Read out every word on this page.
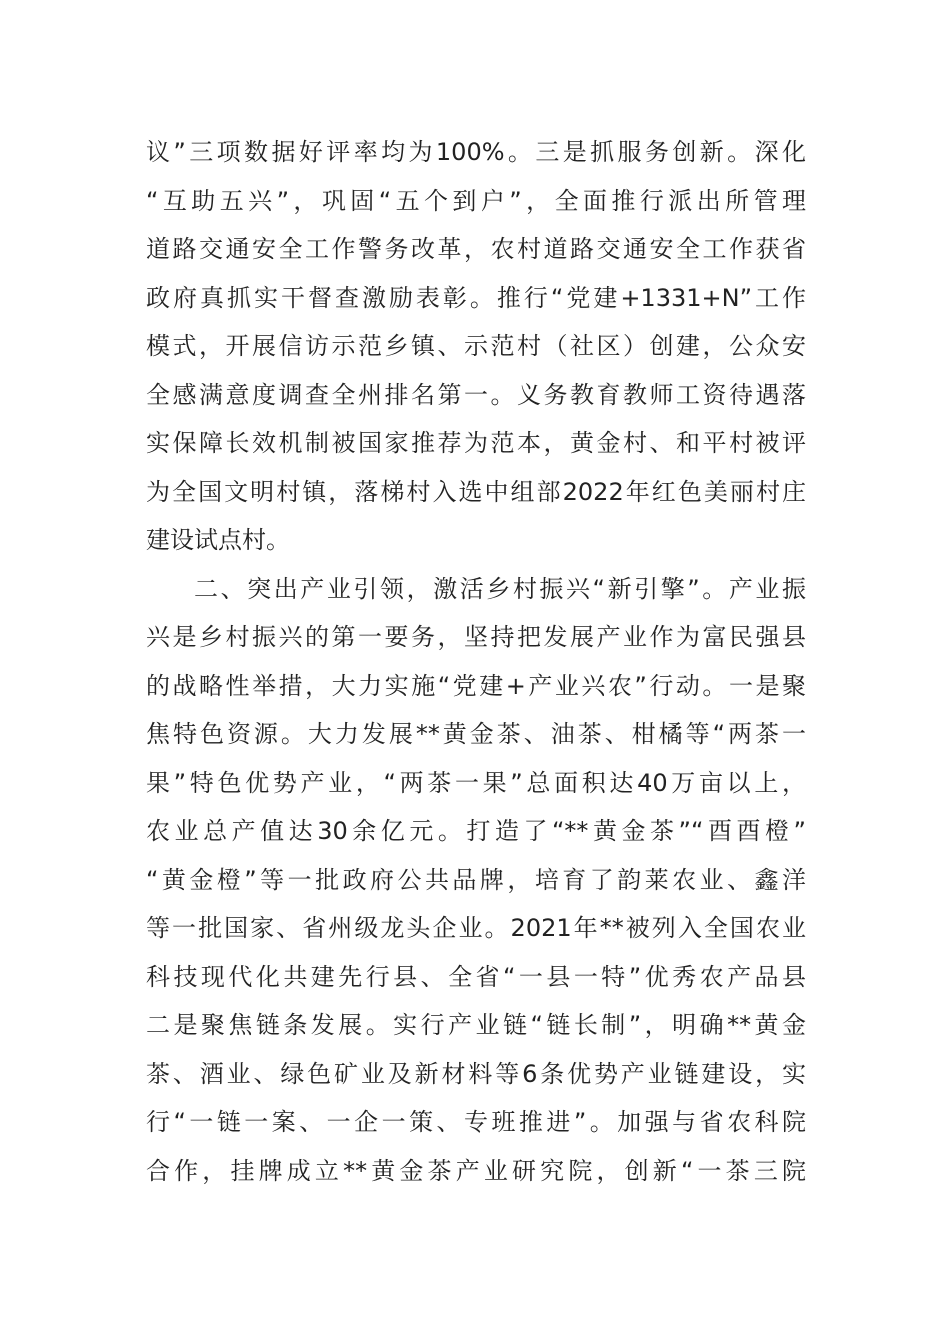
议”三项数据好评率均为100%。三是抓服务创新。深化
“互助五兴”，巩固“五个到户”，全面推行派出所管理
道路交通安全工作警务改革，农村道路交通安全工作获省
政府真抓实干督查激励表彰。推行“党建+1331+N”工作
模式，开展信访示范乡镇、示范村（社区）创建，公众安
全感满意度调查全州排名第一。义务教育教师工资待遇落
实保障长效机制被国家推荐为范本，黄金村、和平村被评
为全国文明村镇，落梯村入选中组部2022年红色美丽村庄
建设试点村。
二、突出产业引领，激活乡村振兴“新引擎”。产业振
兴是乡村振兴的第一要务，坚持把发展产业作为富民强县
的战略性举措，大力实施“党建+产业兴农”行动。一是聚
焦特色资源。大力发展**黄金茶、油茶、柑橘等“两茶一
果”特色优势产业，“两茶一果”总面积达40万亩以上，
农业总产值达30余亿元。打造了“**黄金茶”“酉酉橙”
“黄金橙”等一批政府公共品牌，培育了韵莱农业、鑫洋
等一批国家、省州级龙头企业。2021年**被列入全国农业
科技现代化共建先行县、全省“一县一特”优秀农产品县
二是聚焦链条发展。实行产业链“链长制”，明确**黄金
茶、酒业、绿色矿业及新材料等6条优势产业链建设，实
行“一链一案、一企一策、专班推进”。加强与省农科院
合作，挂牌成立**黄金茶产业研究院，创新“一茶三院
